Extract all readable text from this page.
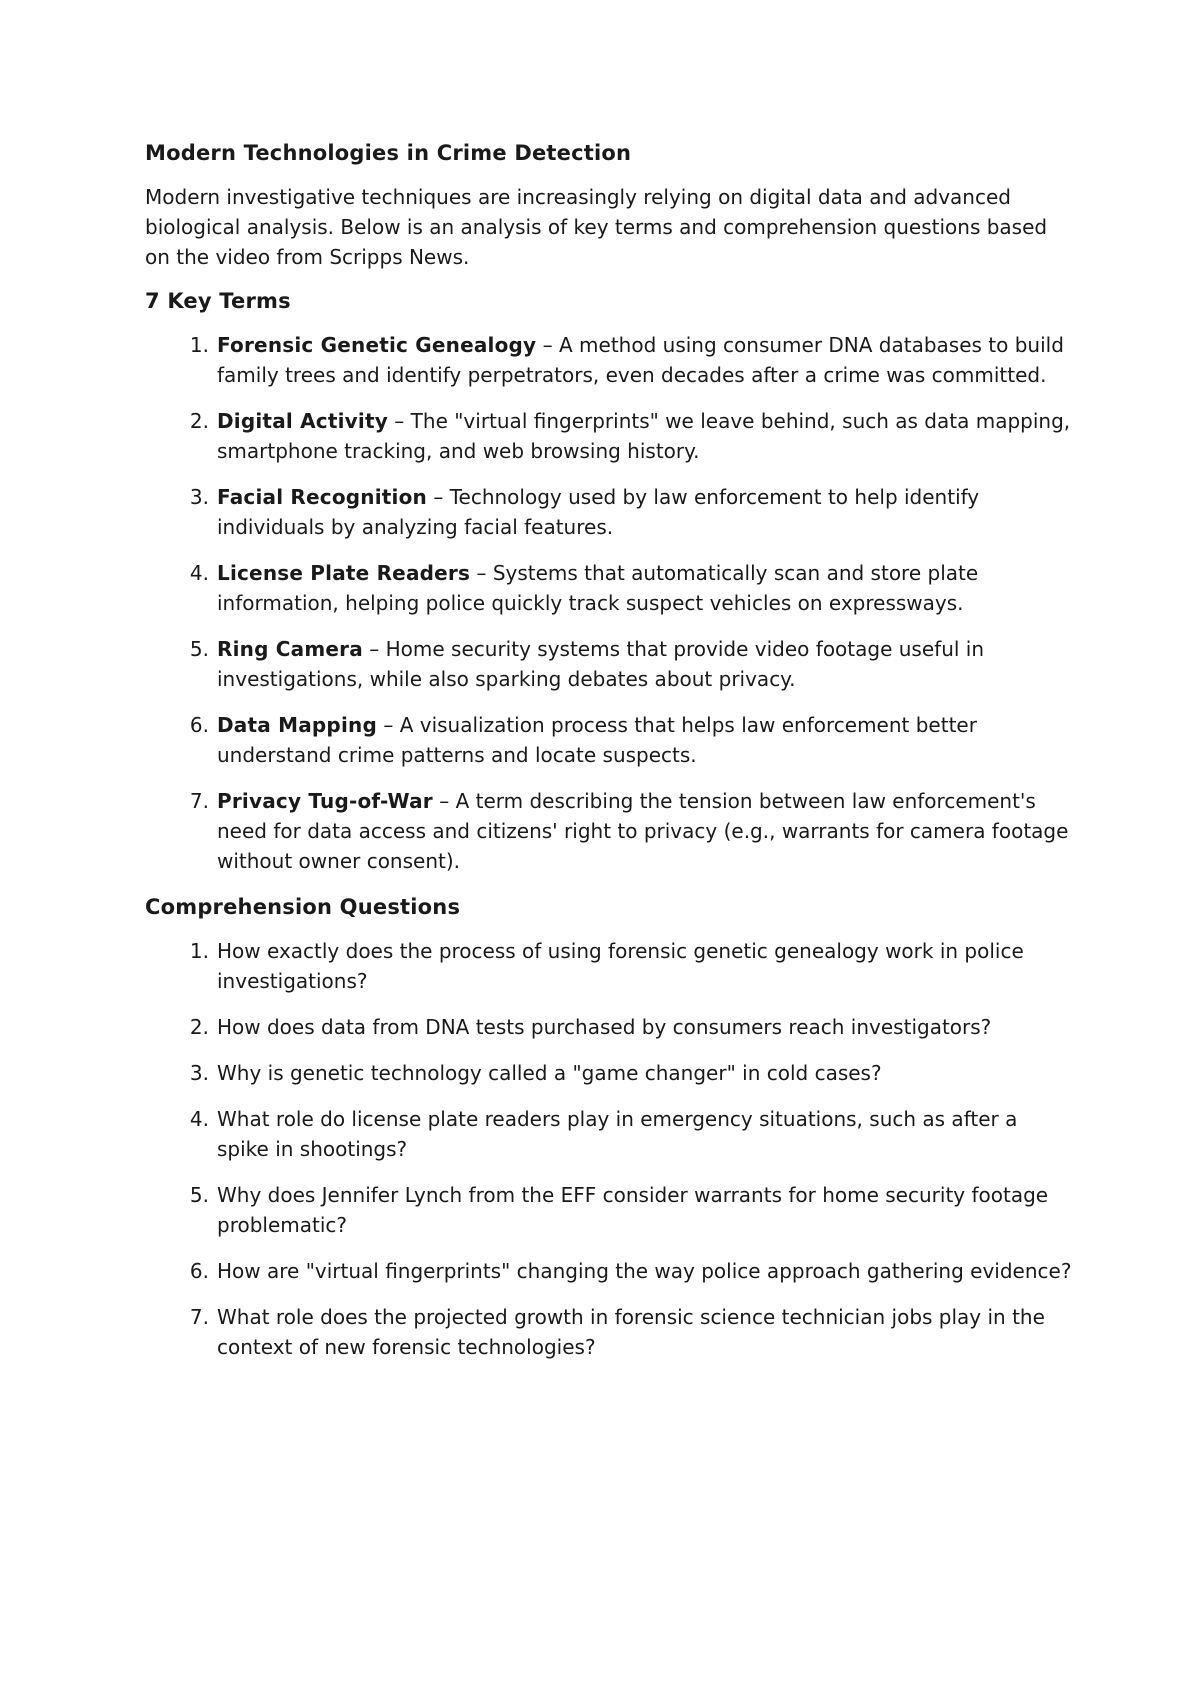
Modern Technologies in Crime Detection
Modern investigative techniques are increasingly relying on digital data and advanced biological analysis. Below is an analysis of key terms and comprehension questions based on the video from Scripps News.
7 Key Terms
1. Forensic Genetic Genealogy – A method using consumer DNA databases to build family trees and identify perpetrators, even decades after a crime was committed.
2. Digital Activity – The "virtual fingerprints" we leave behind, such as data mapping, smartphone tracking, and web browsing history.
3. Facial Recognition – Technology used by law enforcement to help identify individuals by analyzing facial features.
4. License Plate Readers – Systems that automatically scan and store plate information, helping police quickly track suspect vehicles on expressways.
5. Ring Camera – Home security systems that provide video footage useful in investigations, while also sparking debates about privacy.
6. Data Mapping – A visualization process that helps law enforcement better understand crime patterns and locate suspects.
7. Privacy Tug-of-War – A term describing the tension between law enforcement's need for data access and citizens' right to privacy (e.g., warrants for camera footage without owner consent).
Comprehension Questions
1. How exactly does the process of using forensic genetic genealogy work in police investigations?
2. How does data from DNA tests purchased by consumers reach investigators?
3. Why is genetic technology called a "game changer" in cold cases?
4. What role do license plate readers play in emergency situations, such as after a spike in shootings?
5. Why does Jennifer Lynch from the EFF consider warrants for home security footage problematic?
6. How are "virtual fingerprints" changing the way police approach gathering evidence?
7. What role does the projected growth in forensic science technician jobs play in the context of new forensic technologies?
